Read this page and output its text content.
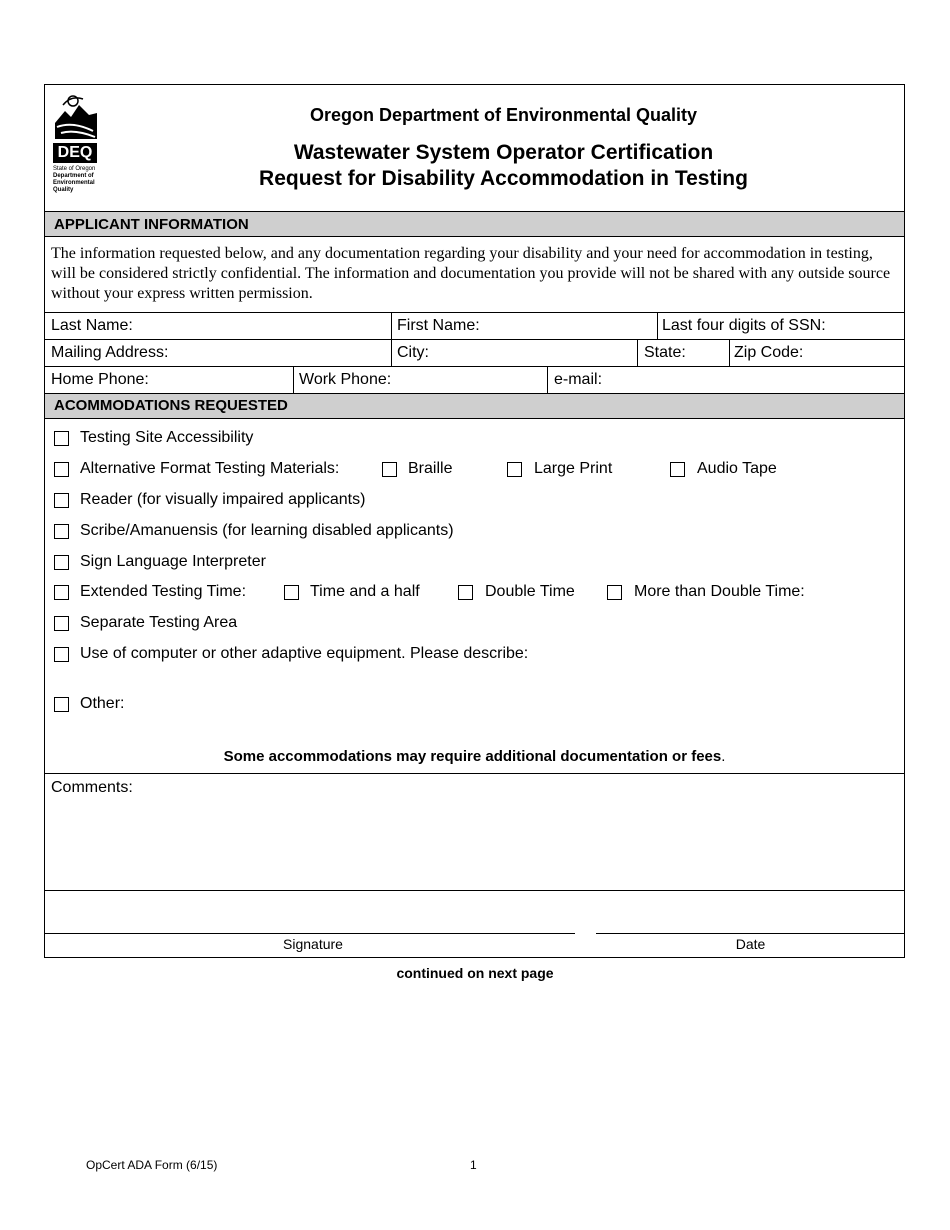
DEQ
State of Oregon
Department of
Environmental
Quality
Oregon Department of Environmental Quality
Wastewater System Operator Certification
Request for Disability Accommodation in Testing
APPLICANT INFORMATION
The information requested below, and any documentation regarding your disability and your need for accommodation in testing, will be considered strictly confidential. The information and documentation you provide will not be shared with any outside source without your express written permission.
Last Name:	First Name:	Last four digits of SSN:
Mailing Address:	City:	State:	Zip Code:
Home Phone:	Work Phone:	e-mail:
ACOMMODATIONS REQUESTED
Testing Site Accessibility
Alternative Format Testing Materials:	Braille	Large Print	Audio Tape
Reader (for visually impaired applicants)
Scribe/Amanuensis (for learning disabled applicants)
Sign Language Interpreter
Extended Testing Time:	Time and a half	Double Time	More than Double Time:
Separate Testing Area
Use of computer or other adaptive equipment. Please describe:
Other:
Some accommodations may require additional documentation or fees.
Comments:
Signature	Date
continued on next page
OpCert ADA Form (6/15)	1
